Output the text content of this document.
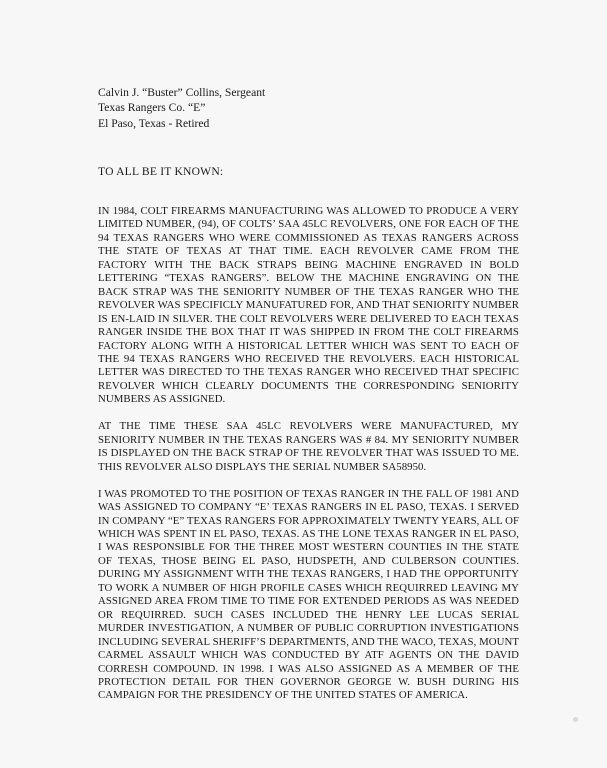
Calvin J. “Buster” Collins, Sergeant
Texas Rangers Co. “E”
El Paso, Texas - Retired
TO ALL BE IT KNOWN:

IN 1984, COLT FIREARMS MANUFACTURING WAS ALLOWED TO PRODUCE A VERY LIMITED NUMBER, (94), OF COLTS’ SAA 45LC REVOLVERS, ONE FOR EACH OF THE 94 TEXAS RANGERS WHO WERE COMMISSIONED AS TEXAS RANGERS ACROSS THE STATE OF TEXAS AT THAT TIME. EACH REVOLVER CAME FROM THE FACTORY WITH THE BACK STRAPS BEING MACHINE ENGRAVED IN BOLD LETTERING “TEXAS RANGERS”. BELOW THE MACHINE ENGRAVING ON THE BACK STRAP WAS THE SENIORITY NUMBER OF THE TEXAS RANGER WHO THE REVOLVER WAS SPECIFICLY MANUFATURED FOR, AND THAT SENIORITY NUMBER IS EN-LAID IN SILVER. THE COLT REVOLVERS WERE DELIVERED TO EACH TEXAS RANGER INSIDE THE BOX THAT IT WAS SHIPPED IN FROM THE COLT FIREARMS FACTORY ALONG WITH A HISTORICAL LETTER WHICH WAS SENT TO EACH OF THE 94 TEXAS RANGERS WHO RECEIVED THE REVOLVERS. EACH HISTORICAL LETTER WAS DIRECTED TO THE TEXAS RANGER WHO RECEIVED THAT SPECIFIC REVOLVER WHICH CLEARLY DOCUMENTS THE CORRESPONDING SENIORITY NUMBERS AS ASSIGNED.

AT THE TIME THESE SAA 45LC REVOLVERS WERE MANUFACTURED, MY SENIORITY NUMBER IN THE TEXAS RANGERS WAS # 84. MY SENIORITY NUMBER IS DISPLAYED ON THE BACK STRAP OF THE REVOLVER THAT WAS ISSUED TO ME. THIS REVOLVER ALSO DISPLAYS THE SERIAL NUMBER SA58950.

I WAS PROMOTED TO THE POSITION OF TEXAS RANGER IN THE FALL OF 1981 AND WAS ASSIGNED TO COMPANY “E’ TEXAS RANGERS IN EL PASO, TEXAS. I SERVED IN COMPANY “E” TEXAS RANGERS FOR APPROXIMATELY TWENTY YEARS, ALL OF WHICH WAS SPENT IN EL PASO, TEXAS. AS THE LONE TEXAS RANGER IN EL PASO, I WAS RESPONSIBLE FOR THE THREE MOST WESTERN COUNTIES IN THE STATE OF TEXAS, THOSE BEING EL PASO, HUDSPETH, AND CULBERSON COUNTIES. DURING MY ASSIGNMENT WITH THE TEXAS RANGERS, I HAD THE OPPORTUNITY TO WORK A NUMBER OF HIGH PROFILE CASES WHICH REQUIRRED LEAVING MY ASSIGNED AREA FROM TIME TO TIME FOR EXTENDED PERIODS AS WAS NEEDED OR REQUIRRED. SUCH CASES INCLUDED THE HENRY LEE LUCAS SERIAL MURDER INVESTIGATION, A NUMBER OF PUBLIC CORRUPTION INVESTIGATIONS INCLUDING SEVERAL SHERIFF’S DEPARTMENTS, AND THE WACO, TEXAS, MOUNT CARMEL ASSAULT WHICH WAS CONDUCTED BY ATF AGENTS ON THE DAVID CORRESH COMPOUND. IN 1998. I WAS ALSO ASSIGNED AS A MEMBER OF THE PROTECTION DETAIL FOR THEN GOVERNOR GEORGE W. BUSH DURING HIS CAMPAIGN FOR THE PRESIDENCY OF THE UNITED STATES OF AMERICA.
